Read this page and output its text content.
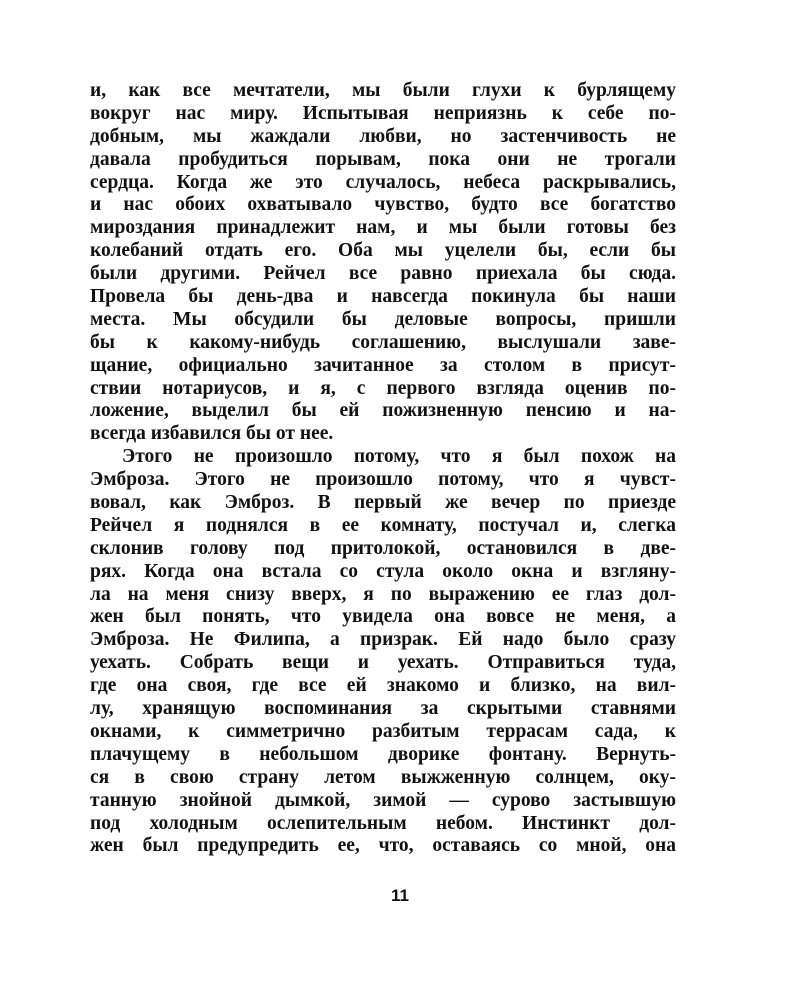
и, как все мечтатели, мы были глухи к бурлящему
вокруг нас миру. Испытывая неприязнь к себе по-
добным, мы жаждали любви, но застенчивость не
давала пробудиться порывам, пока они не трогали
сердца. Когда же это случалось, небеса раскрывались,
и нас обоих охватывало чувство, будто все богатство
мироздания принадлежит нам, и мы были готовы без
колебаний отдать его. Оба мы уцелели бы, если бы
были другими. Рейчел все равно приехала бы сюда.
Провела бы день-два и навсегда покинула бы наши
места. Мы обсудили бы деловые вопросы, пришли
бы к какому-нибудь соглашению, выслушали заве-
щание, официально зачитанное за столом в присут-
ствии нотариусов, и я, с первого взгляда оценив по-
ложение, выделил бы ей пожизненную пенсию и на-
всегда избавился бы от нее.
Этого не произошло потому, что я был похож на
Эмброза. Этого не произошло потому, что я чувст-
вовал, как Эмброз. В первый же вечер по приезде
Рейчел я поднялся в ее комнату, постучал и, слегка
склонив голову под притолокой, остановился в две-
рях. Когда она встала со стула около окна и взгляну-
ла на меня снизу вверх, я по выражению ее глаз дол-
жен был понять, что увидела она вовсе не меня, а
Эмброза. Не Филипа, а призрак. Ей надо было сразу
уехать. Собрать вещи и уехать. Отправиться туда,
где она своя, где все ей знакомо и близко, на вил-
лу, хранящую воспоминания за скрытыми ставнями
окнами, к симметрично разбитым террасам сада, к
плачущему в небольшом дворике фонтану. Вернуть-
ся в свою страну летом выжженную солнцем, оку-
танную знойной дымкой, зимой — сурово застывшую
под холодным ослепительным небом. Инстинкт дол-
жен был предупредить ее, что, оставаясь со мной, она
11
